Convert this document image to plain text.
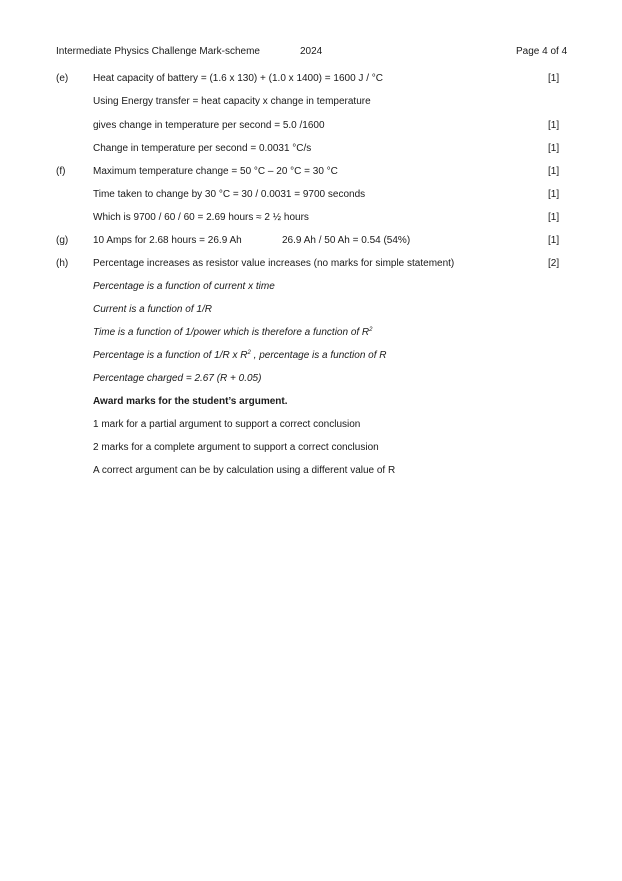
Intermediate Physics Challenge Mark-scheme	2024	Page 4 of 4
(e) Heat capacity of battery = (1.6 x 130) + (1.0 x 1400) = 1600 J / °C	[1]
Using Energy transfer = heat capacity x change in temperature
gives change in temperature per second = 5.0 /1600	[1]
Change in temperature per second = 0.0031 °C/s	[1]
(f)	Maximum temperature change = 50 °C – 20 °C = 30 °C	[1]
Time taken to change by 30 °C = 30 / 0.0031 = 9700 seconds	[1]
Which is 9700 / 60 / 60 = 2.69 hours ≈ 2 ½ hours	[1]
(g) 10 Amps for 2.68 hours = 26.9 Ah	26.9 Ah / 50 Ah = 0.54 (54%)	[1]
(h) Percentage increases as resistor value increases (no marks for simple statement)	[2]
Percentage is a function of current x time
Current is a function of 1/R
Time is a function of 1/power which is therefore a function of $R^2$
Percentage is a function of 1/R x $R^2$ , percentage is a function of R
Percentage charged = 2.67 (R + 0.05)
Award marks for the student’s argument.
1 mark for a partial argument to support a correct conclusion
2 marks for a complete argument to support a correct conclusion
A correct argument can be by calculation using a different value of R
